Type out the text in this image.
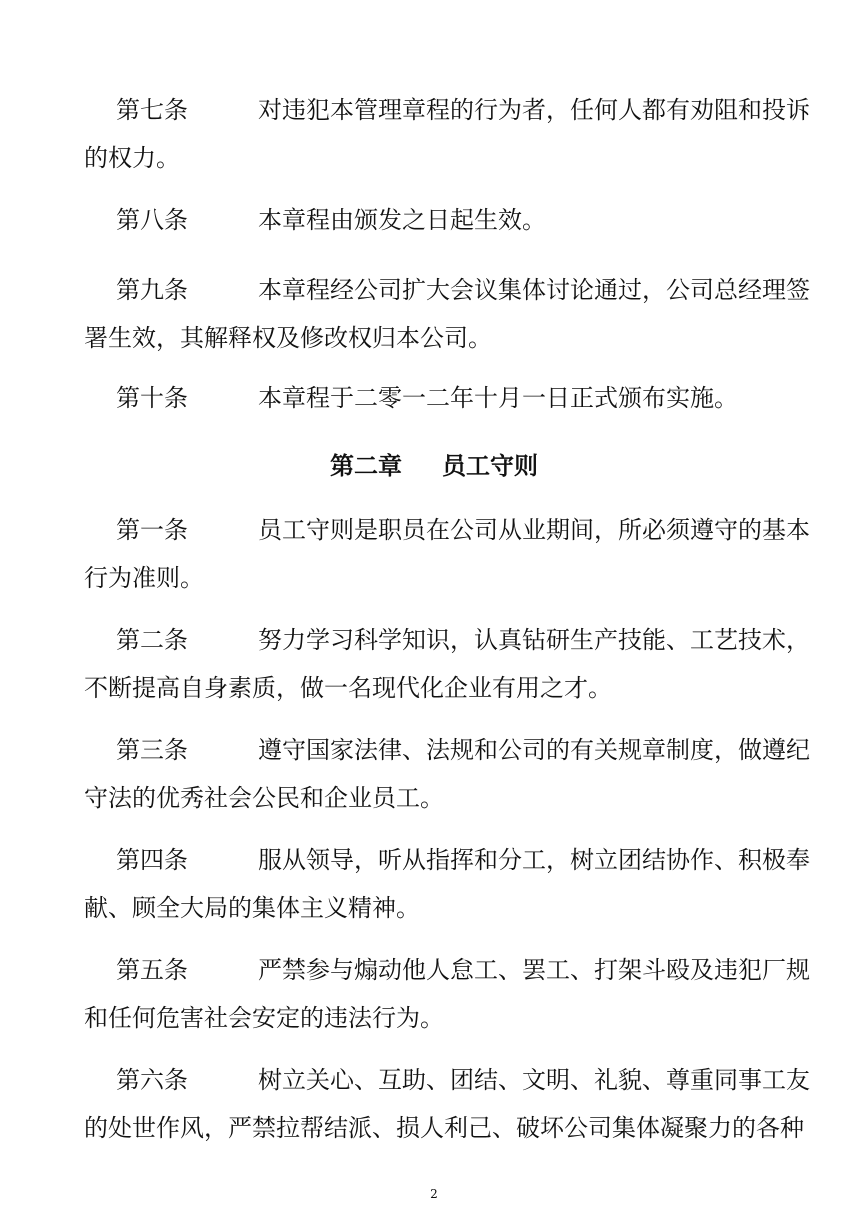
第七条	对违犯本管理章程的行为者，任何人都有劝阻和投诉
的权力。
第八条	本章程由颁发之日起生效。
第九条	本章程经公司扩大会议集体讨论通过，公司总经理签
署生效，其解释权及修改权归本公司。
第十条	本章程于二零一二年十月一日正式颁布实施。
第二章 员工守则
第一条	员工守则是职员在公司从业期间，所必须遵守的基本
行为准则。
第二条	努力学习科学知识，认真钻研生产技能、工艺技术，
不断提高自身素质，做一名现代化企业有用之才。
第三条	遵守国家法律、法规和公司的有关规章制度，做遵纪
守法的优秀社会公民和企业员工。
第四条	服从领导，听从指挥和分工，树立团结协作、积极奉
献、顾全大局的集体主义精神。
第五条	严禁参与煽动他人怠工、罢工、打架斗殴及违犯厂规
和任何危害社会安定的违法行为。
第六条	树立关心、互助、团结、文明、礼貌、尊重同事工友
的处世作风，严禁拉帮结派、损人利己、破坏公司集体凝聚力的各种
2
